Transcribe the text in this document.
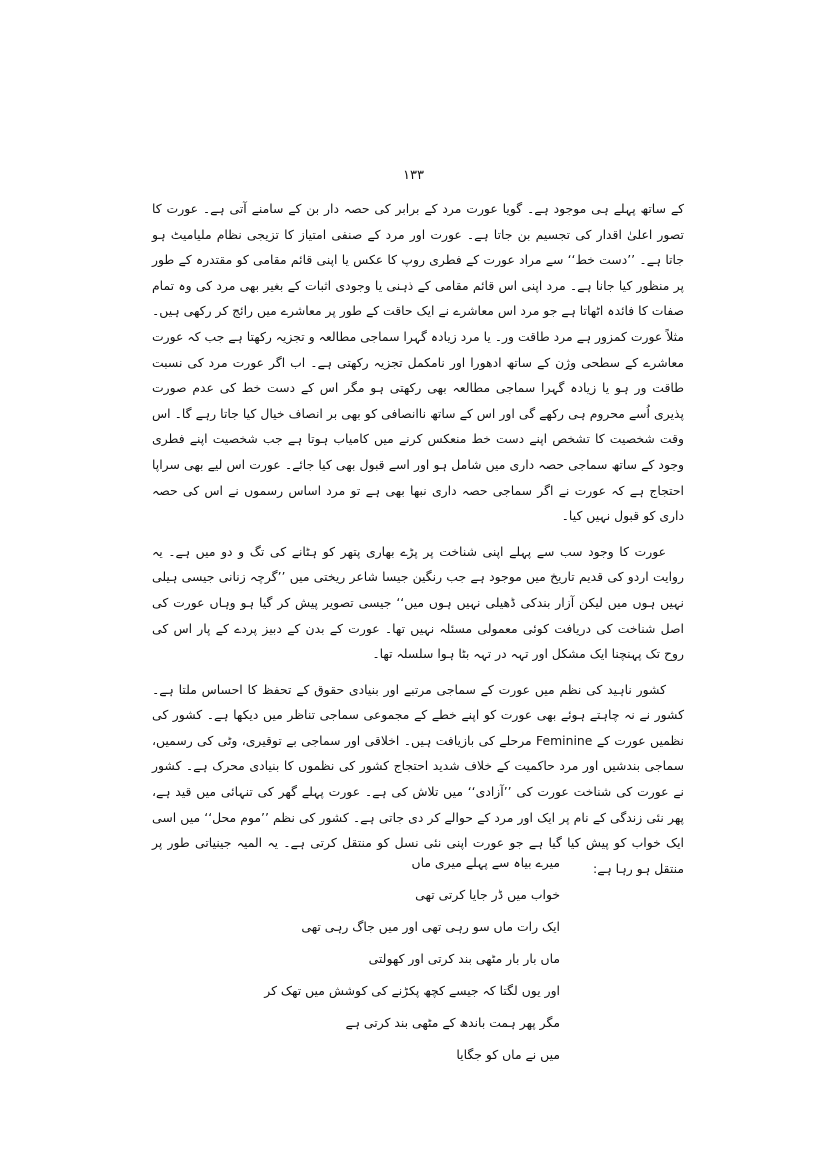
١٣٣

کے ساتھ پہلے ہی موجود ہے۔ گویا عورت مرد کے برابر کی حصہ دار بن کے سامنے آتی ہے۔ عورت کا تصور اعلیٰ اقدار کی تجسیم بن جاتا ہے۔ عورت اور مرد کے صنفی امتیاز کا تزیجی نظام ملیامیٹ ہو جاتا ہے۔ ’’دست خط‘‘ سے مراد عورت کے فطری روپ کا عکس یا اپنی قائم مقامی کو مقتدرہ کے طور پر منظور کیا جانا ہے۔ مرد اپنی اس قائم مقامی کے ذہنی یا وجودی اثبات کے بغیر بھی مرد کی وہ تمام صفات کا فائدہ اٹھاتا ہے جو مرد اس معاشرے نے ایک حاقت کے طور پر معاشرے میں رائج کر رکھی ہیں۔ مثلاً عورت کمزور ہے مرد طاقت ور۔ یا مرد زیادہ گہرا سماجی مطالعہ و تجزیہ رکھتا ہے جب کہ عورت معاشرے کے سطحی وژن کے ساتھ ادھورا اور نامکمل تجزیہ رکھتی ہے۔ اب اگر عورت مرد کی نسبت طاقت ور ہو یا زیادہ گہرا سماجی مطالعہ بھی رکھتی ہو مگر اس کے دست خط کی عدم صورت پذیری اُسے محروم ہی رکھے گی اور اس کے ساتھ ناانصافی کو بھی بر انصاف خیال کیا جاتا رہے گا۔ اس وقت شخصیت کا تشخص اپنے دست خط منعکس کرنے میں کامیاب ہوتا ہے جب شخصیت اپنے فطری وجود کے ساتھ سماجی حصہ داری میں شامل ہو اور اسے قبول بھی کیا جائے۔ عورت اس لیے بھی سراپا احتجاج ہے کہ عورت نے اگر سماجی حصہ داری نبھا بھی ہے تو مرد اساس رسموں نے اس کی حصہ داری کو قبول نہیں کیا۔

عورت کا وجود سب سے پہلے اپنی شناخت پر پڑے بھاری پتھر کو ہٹانے کی تگ و دو میں ہے۔ یہ روایت اردو کی قدیم تاریخ میں موجود ہے جب رنگین جیسا شاعر ریختی میں ’’گرچہ زنانی جیسی ہیلی نہیں ہوں میں لیکن آزار بندکی ڈھیلی نہیں ہوں میں‘‘ جیسی تصویر پیش کر گیا ہو وہاں عورت کی اصل شناخت کی دریافت کوئی معمولی مسئلہ نہیں تھا۔ عورت کے بدن کے دبیز پردے کے پار اس کی روح تک پہنچنا ایک مشکل اور تہہ در تہہ بٹا ہوا سلسلہ تھا۔

کشور ناہید کی نظم میں عورت کے سماجی مرتبے اور بنیادی حقوق کے تحفظ کا احساس ملتا ہے۔ کشور نے نہ چاہتے ہوئے بھی عورت کو اپنے خطے کے مجموعی سماجی تناظر میں دیکھا ہے۔ کشور کی نظمیں عورت کے Feminine مرحلے کی بازیافت ہیں۔ اخلاقی اور سماجی بے توقیری، وٹی کی رسمیں، سماجی بندشیں اور مرد حاکمیت کے خلاف شدید احتجاج کشور کی نظموں کا بنیادی محرک ہے۔ کشور نے عورت کی شناخت عورت کی ’’آزادی‘‘ میں تلاش کی ہے۔ عورت پہلے گھر کی تنہائی میں قید ہے، پھر نئی زندگی کے نام پر ایک اور مرد کے حوالے کر دی جاتی ہے۔ کشور کی نظم ’’موم محل‘‘ میں اسی ایک خواب کو پیش کیا گیا ہے جو عورت اپنی نئی نسل کو منتقل کرتی ہے۔ یہ المیہ جینیاتی طور پر منتقل ہو رہا ہے:

میرے بیاہ سے پہلے میری ماں
خواب میں ڈر جایا کرتی تھی
ایک رات ماں سو رہی تھی اور میں جاگ رہی تھی
ماں بار بار مٹھی بند کرتی اور کھولتی
اور یوں لگتا کہ جیسے کچھ پکڑنے کی کوشش میں تھک کر
مگر پھر ہمت باندھ کے مٹھی بند کرتی ہے
میں نے ماں کو جگایا
